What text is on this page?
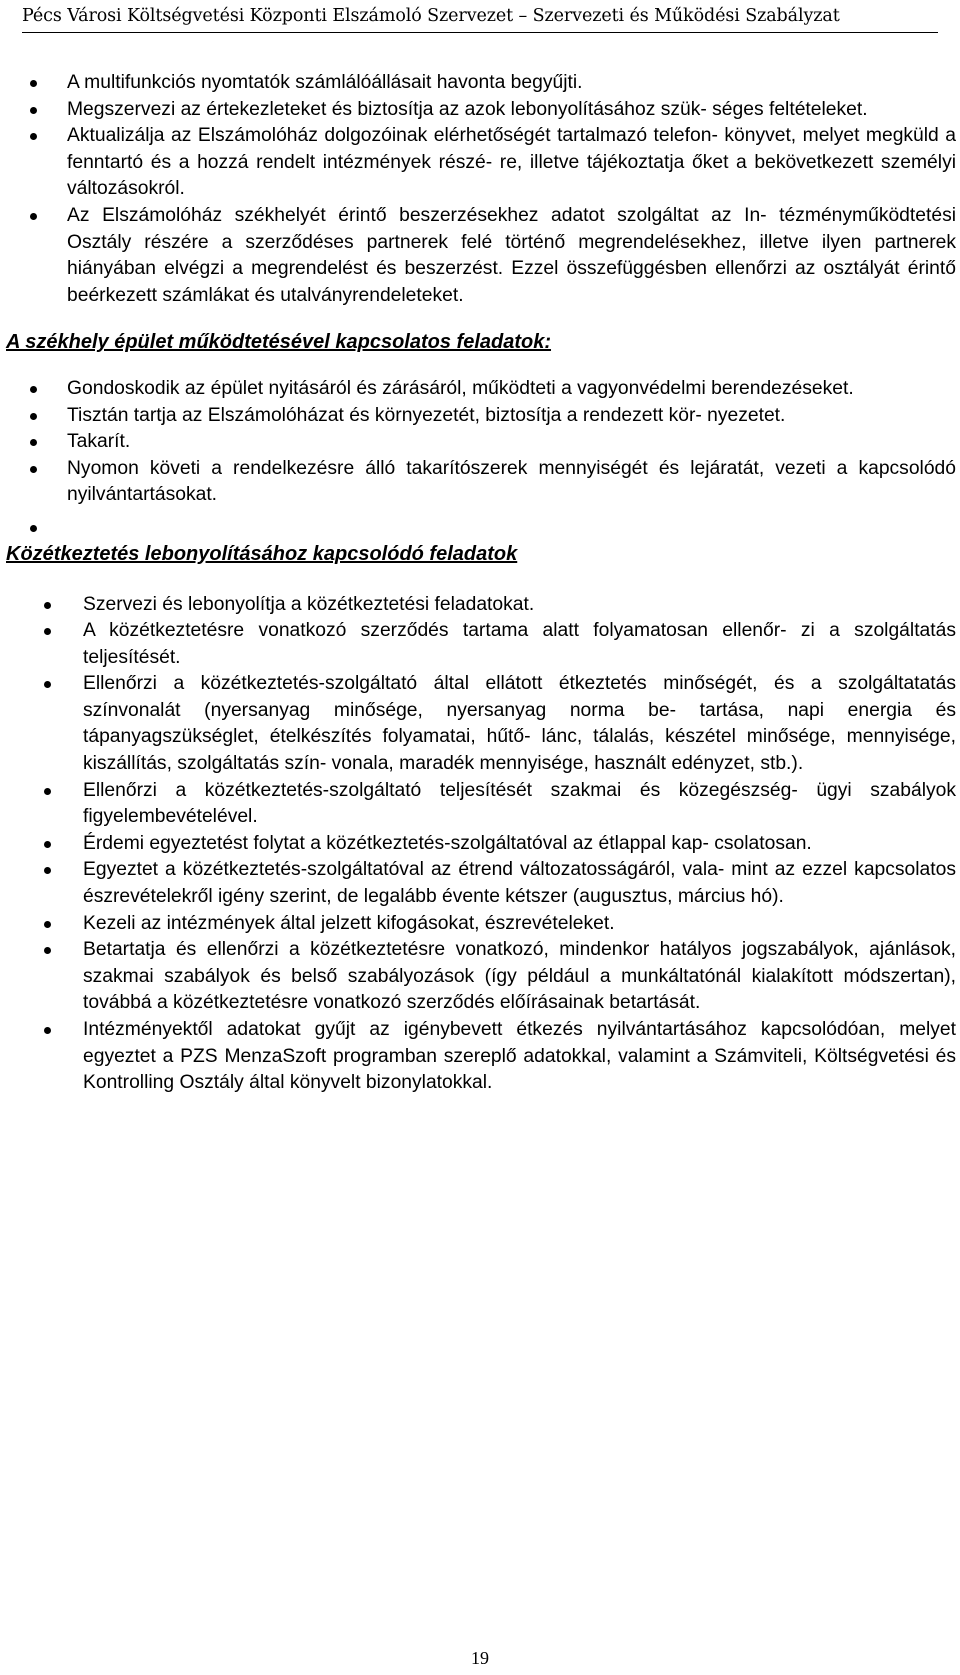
Pécs Városi Költségvetési Központi Elszámoló Szervezet – Szervezeti és Működési Szabályzat
A multifunkciós nyomtatók számlálóállásait havonta begyűjti.
Megszervezi az értekezleteket és biztosítja az azok lebonyolításához szük- séges feltételeket.
Aktualizálja az Elszámolóház dolgozóinak elérhetőségét tartalmazó telefon- könyvet, melyet megküld a fenntartó és a hozzá rendelt intézmények részé- re, illetve tájékoztatja őket a bekövetkezett személyi változásokról.
Az Elszámolóház székhelyét érintő beszerzésekhez adatot szolgáltat az In- tézményműködtetési Osztály részére a szerződéses partnerek felé történő megrendelésekhez, illetve ilyen partnerek hiányában elvégzi a megrendelést és beszerzést. Ezzel összefüggésben ellenőrzi az osztályát érintő beérkezett számlákat és utalványrendeleteket.

A székhely épület működtetésével kapcsolatos feladatok:

Gondoskodik az épület nyitásáról és zárásáról, működteti a vagyonvédelmi berendezéseket.
Tisztán tartja az Elszámolóházat és környezetét, biztosítja a rendezett kör- nyezetet.
Takarít.
Nyomon követi a rendelkezésre álló takarítószerek mennyiségét és lejáratát, vezeti a kapcsolódó nyilvántartásokat.

Közétkeztetés lebonyolításához kapcsolódó feladatok

Szervezi és lebonyolítja a közétkeztetési feladatokat.
A közétkeztetésre vonatkozó szerződés tartama alatt folyamatosan ellenőr- zi a szolgáltatás teljesítését.
Ellenőrzi a közétkeztetés-szolgáltató által ellátott étkeztetés minőségét, és a szolgáltatatás színvonalát (nyersanyag minősége, nyersanyag norma be- tartása, napi energia és tápanyagszükséglet, ételkészítés folyamatai, hűtő- lánc, tálalás, készétel minősége, mennyisége, kiszállítás, szolgáltatás szín- vonala, maradék mennyisége, használt edényzet, stb.).
Ellenőrzi a közétkeztetés-szolgáltató teljesítését szakmai és közegészség- ügyi szabályok figyelembevételével.
Érdemi egyeztetést folytat a közétkeztetés-szolgáltatóval az étlappal kap- csolatosan.
Egyeztet a közétkeztetés-szolgáltatóval az étrend változatosságáról, vala- mint az ezzel kapcsolatos észrevételekről igény szerint, de legalább évente kétszer (augusztus, március hó).
Kezeli az intézmények által jelzett kifogásokat, észrevételeket.
Betartatja és ellenőrzi a közétkeztetésre vonatkozó, mindenkor hatályos jogszabályok, ajánlások, szakmai szabályok és belső szabályozások (így például a munkáltatónál kialakított módszertan), továbbá a közétkeztetésre vonatkozó szerződés előírásainak betartását.
Intézményektől adatokat gyűjt az igénybevett étkezés nyilvántartásához kapcsolódóan, melyet egyeztet a PZS MenzaSzoft programban szereplő adatokkal, valamint a Számviteli, Költségvetési és Kontrolling Osztály által könyvelt bizonylatokkal.
19
